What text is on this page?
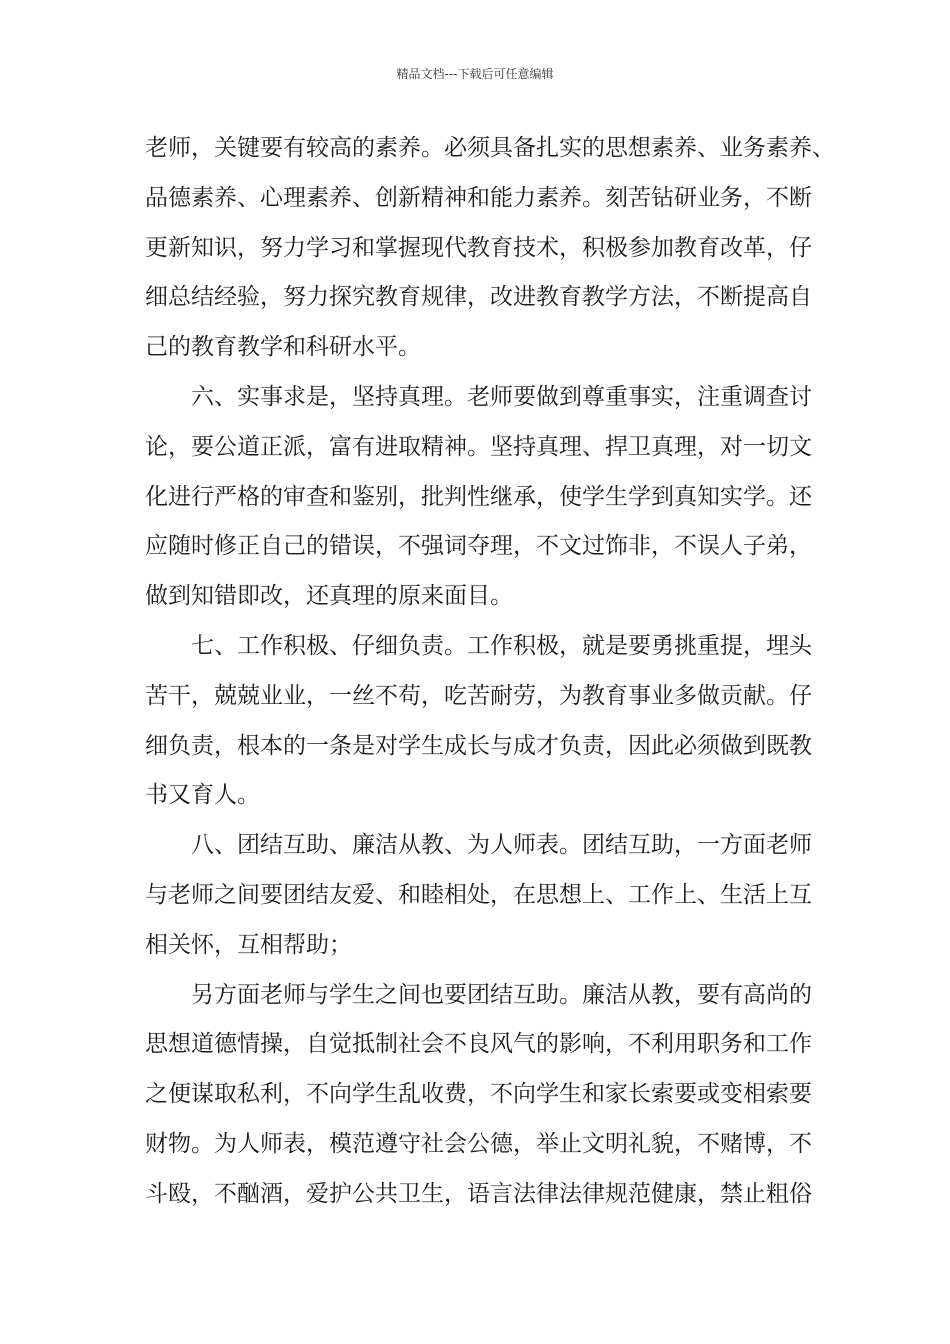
精品文档---下载后可任意编辑
老师，关键要有较高的素养。必须具备扎实的思想素养、业务素养、
品德素养、心理素养、创新精神和能力素养。刻苦钻研业务，不断
更新知识，努力学习和掌握现代教育技术，积极参加教育改革，仔
细总结经验，努力探究教育规律，改进教育教学方法，不断提高自
己的教育教学和科研水平。
六、实事求是，坚持真理。老师要做到尊重事实，注重调查讨
论，要公道正派，富有进取精神。坚持真理、捍卫真理，对一切文
化进行严格的审查和鉴别，批判性继承，使学生学到真知实学。还
应随时修正自己的错误，不强词夺理，不文过饰非，不误人子弟，
做到知错即改，还真理的原来面目。
七、工作积极、仔细负责。工作积极，就是要勇挑重提，埋头
苦干，兢兢业业，一丝不苟，吃苦耐劳，为教育事业多做贡献。仔
细负责，根本的一条是对学生成长与成才负责，因此必须做到既教
书又育人。
八、团结互助、廉洁从教、为人师表。团结互助，一方面老师
与老师之间要团结友爱、和睦相处，在思想上、工作上、生活上互
相关怀，互相帮助；
另方面老师与学生之间也要团结互助。廉洁从教，要有高尚的
思想道德情操，自觉抵制社会不良风气的影响，不利用职务和工作
之便谋取私利，不向学生乱收费，不向学生和家长索要或变相索要
财物。为人师表，模范遵守社会公德，举止文明礼貌，不赌博，不
斗殴，不酗酒，爱护公共卫生，语言法律法律规范健康，禁止粗俗
